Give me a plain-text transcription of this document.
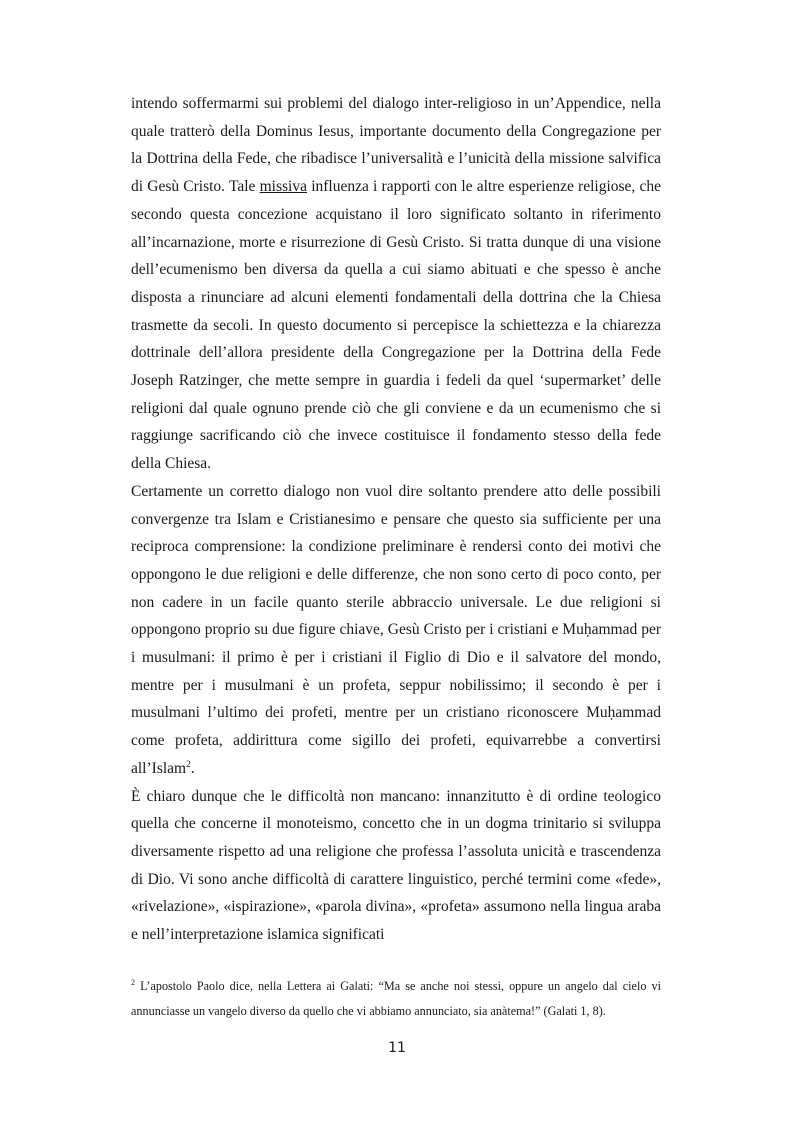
intendo soffermarmi sui problemi del dialogo inter-religioso in un’Appendice, nella quale tratterò della Dominus Iesus, importante documento della Congregazione per la Dottrina della Fede, che ribadisce l’universalità e l’unicità della missione salvifica di Gesù Cristo. Tale missiva influenza i rapporti con le altre esperienze religiose, che secondo questa concezione acquistano il loro significato soltanto in riferimento all’incarnazione, morte e risurrezione di Gesù Cristo. Si tratta dunque di una visione dell’ecumenismo ben diversa da quella a cui siamo abituati e che spesso è anche disposta a rinunciare ad alcuni elementi fondamentali della dottrina che la Chiesa trasmette da secoli. In questo documento si percepisce la schiettezza e la chiarezza dottrinale dell’allora presidente della Congregazione per la Dottrina della Fede Joseph Ratzinger, che mette sempre in guardia i fedeli da quel ‘supermarket’ delle religioni dal quale ognuno prende ciò che gli conviene e da un ecumenismo che si raggiunge sacrificando ciò che invece costituisce il fondamento stesso della fede della Chiesa.

Certamente un corretto dialogo non vuol dire soltanto prendere atto delle possibili convergenze tra Islam e Cristianesimo e pensare che questo sia sufficiente per una reciproca comprensione: la condizione preliminare è rendersi conto dei motivi che oppongono le due religioni e delle differenze, che non sono certo di poco conto, per non cadere in un facile quanto sterile abbraccio universale. Le due religioni si oppongono proprio su due figure chiave, Gesù Cristo per i cristiani e Muḥammad per i musulmani: il primo è per i cristiani il Figlio di Dio e il salvatore del mondo, mentre per i musulmani è un profeta, seppur nobilissimo; il secondo è per i musulmani l’ultimo dei profeti, mentre per un cristiano riconoscere Muḥammad come profeta, addirittura come sigillo dei profeti, equivarrebbe a convertirsi all’Islam$^2$.

È chiaro dunque che le difficoltà non mancano: innanzitutto è di ordine teologico quella che concerne il monoteismo, concetto che in un dogma trinitario si sviluppa diversamente rispetto ad una religione che professa l’assoluta unicità e trascendenza di Dio. Vi sono anche difficoltà di carattere linguistico, perché termini come «fede», «rivelazione», «ispirazione», «parola divina», «profeta» assumono nella lingua araba e nell’interpretazione islamica significati

$^2$ L’apostolo Paolo dice, nella Lettera ai Galati: “Ma se anche noi stessi, oppure un angelo dal cielo vi annunciasse un vangelo diverso da quello che vi abbiamo annunciato, sia anàtema!” (Galati 1, 8).
11
